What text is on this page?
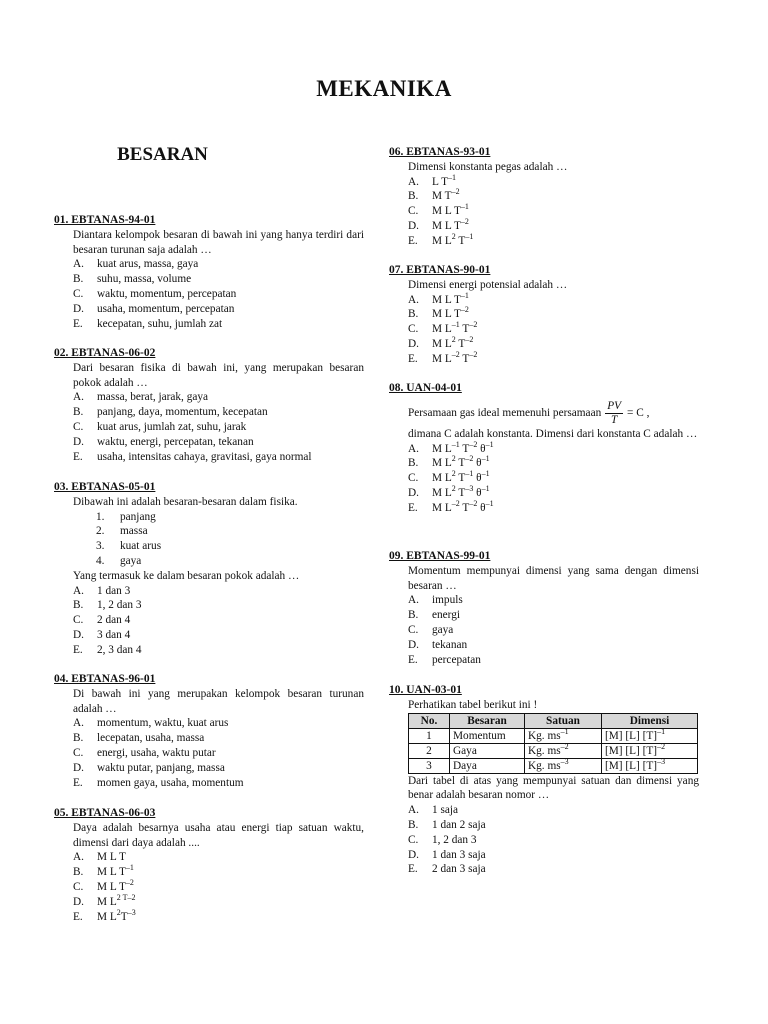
MEKANIKA
BESARAN
01. EBTANAS-94-01
Diantara kelompok besaran di bawah ini yang hanya terdiri dari besaran turunan saja adalah …
A.	kuat arus, massa, gaya
B.	suhu, massa, volume
C.	waktu, momentum, percepatan
D.	usaha, momentum, percepatan
E.	kecepatan, suhu, jumlah zat
02. EBTANAS-06-02
Dari besaran fisika di bawah ini, yang merupakan besaran pokok adalah …
A.	massa, berat, jarak, gaya
B.	panjang, daya, momentum, kecepatan
C.	kuat arus, jumlah zat, suhu, jarak
D.	waktu, energi, percepatan, tekanan
E.	usaha, intensitas cahaya, gravitasi, gaya normal
03. EBTANAS-05-01
Dibawah ini adalah besaran-besaran dalam fisika.
1.	panjang
2.	massa
3.	kuat arus
4.	gaya
Yang termasuk ke dalam besaran pokok adalah …
A.	1 dan 3
B.	1, 2 dan 3
C.	2 dan 4
D.	3 dan 4
E.	2, 3 dan 4
04. EBTANAS-96-01
Di bawah ini yang merupakan kelompok besaran turunan adalah …
A.	momentum, waktu, kuat arus
B.	lecepatan, usaha, massa
C.	energi, usaha, waktu putar
D.	waktu putar, panjang, massa
E.	momen gaya, usaha, momentum
05. EBTANAS-06-03
Daya adalah besarnya usaha atau energi tiap satuan waktu, dimensi dari daya adalah ....
A.	M L T
B.	M L $T^{-1}$
C.	M L $T^{-2}$
D.	M $L^{2 T-2}$
E.	M $L^2T^{-3}$
06. EBTANAS-93-01
Dimensi konstanta pegas adalah …
A.	L $T^{-1}$
B.	M $T^{-2}$
C.	M L $T^{-1}$
D.	M L $T^{-2}$
E.	M $L^2$ $T^{-1}$
07. EBTANAS-90-01
Dimensi energi potensial adalah …
A.	M L $T^{-1}$
B.	M L $T^{-2}$
C.	M $L^{-1}$ $T^{-2}$
D.	M $L^2$ $T^{-2}$
E.	M $L^{-2}$ $T^{-2}$
08. UAN-04-01
Persamaan gas ideal memenuhi persamaan $\frac{PV}{T} = C$ ,
dimana C adalah konstanta. Dimensi dari konstanta C adalah …
A.	M $L^{-1}$ $T^{-2}$ $\theta^{-1}$
B.	M $L^2$ $T^{-2}$ $\theta^{-1}$
C.	M $L^2$ $T^{-1}$ $\theta^{-1}$
D.	M $L^2$ $T^{-3}$ $\theta^{-1}$
E.	M $L^{-2}$ $T^{-2}$ $\theta^{-1}$
09. EBTANAS-99-01
Momentum mempunyai dimensi yang sama dengan dimensi besaran …
A.	impuls
B.	energi
C.	gaya
D.	tekanan
E.	percepatan
10. UAN-03-01
Perhatikan tabel berikut ini !
No.	Besaran	Satuan	Dimensi
1	Momentum	Kg. $ms^{-1}$	[M] [L] $[T]^{-1}$
2	Gaya	Kg. $ms^{-2}$	[M] [L] $[T]^{-2}$
3	Daya	Kg. $ms^{-3}$	[M] [L] $[T]^{-3}$
Dari tabel di atas yang mempunyai satuan dan dimensi yang benar adalah besaran nomor …
A.	1 saja
B.	1 dan 2 saja
C.	1, 2 dan 3
D.	1 dan 3 saja
E.	2 dan 3 saja
